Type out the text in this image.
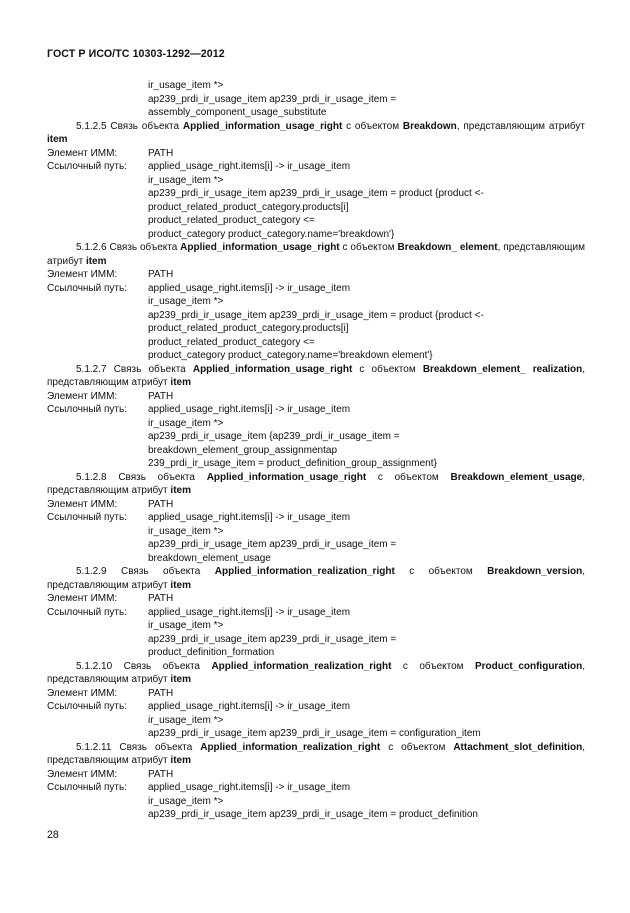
ГОСТ Р ИСО/ТС 10303-1292—2012
ir_usage_item *>
ap239_prdi_ir_usage_item ap239_prdi_ir_usage_item =
assembly_component_usage_substitute
5.1.2.5 Связь объекта Applied_information_usage_right с объектом Breakdown, представляющим атрибут item
Элемент ИММ:	PATH
Ссылочный путь:	applied_usage_right.items[i] -> ir_usage_item
ir_usage_item *>
ap239_prdi_ir_usage_item ap239_prdi_ir_usage_item = product {product <-
product_related_product_category.products[i]
product_related_product_category <=
product_category product_category.name='breakdown'}
5.1.2.6 Связь объекта Applied_information_usage_right с объектом Breakdown_ element, представляющим атрибут item
Элемент ИММ:	PATH
Ссылочный путь:	applied_usage_right.items[i] -> ir_usage_item
ir_usage_item *>
ap239_prdi_ir_usage_item ap239_prdi_ir_usage_item = product {product <-
product_related_product_category.products[i]
product_related_product_category <=
product_category product_category.name='breakdown element'}
5.1.2.7 Связь объекта Applied_information_usage_right с объектом Breakdown_element_ realization, представляющим атрибут item
Элемент ИММ:	PATH
Ссылочный путь:	applied_usage_right.items[i] -> ir_usage_item
ir_usage_item *>
ap239_prdi_ir_usage_item {ap239_prdi_ir_usage_item =
breakdown_element_group_assignmentap
239_prdi_ir_usage_item = product_definition_group_assignment}
5.1.2.8 Связь объекта Applied_information_usage_right с объектом Breakdown_element_usage, представляющим атрибут item
Элемент ИММ:	PATH
Ссылочный путь:	applied_usage_right.items[i] -> ir_usage_item
ir_usage_item *>
ap239_prdi_ir_usage_item ap239_prdi_ir_usage_item =
breakdown_element_usage
5.1.2.9 Связь объекта Applied_information_realization_right с объектом Breakdown_version, представляющим атрибут item
Элемент ИММ:	PATH
Ссылочный путь:	applied_usage_right.items[i] -> ir_usage_item
ir_usage_item *>
ap239_prdi_ir_usage_item ap239_prdi_ir_usage_item =
product_definition_formation
5.1.2.10 Связь объекта Applied_information_realization_right с объектом Product_configuration, представляющим атрибут item
Элемент ИММ:	PATH
Ссылочный путь:	applied_usage_right.items[i] -> ir_usage_item
ir_usage_item *>
ap239_prdi_ir_usage_item ap239_prdi_ir_usage_item = configuration_item
5.1.2.11 Связь объекта Applied_information_realization_right с объектом Attachment_slot_definition, представляющим атрибут item
Элемент ИММ:	PATH
Ссылочный путь:	applied_usage_right.items[i] -> ir_usage_item
ir_usage_item *>
ap239_prdi_ir_usage_item ap239_prdi_ir_usage_item = product_definition
28
